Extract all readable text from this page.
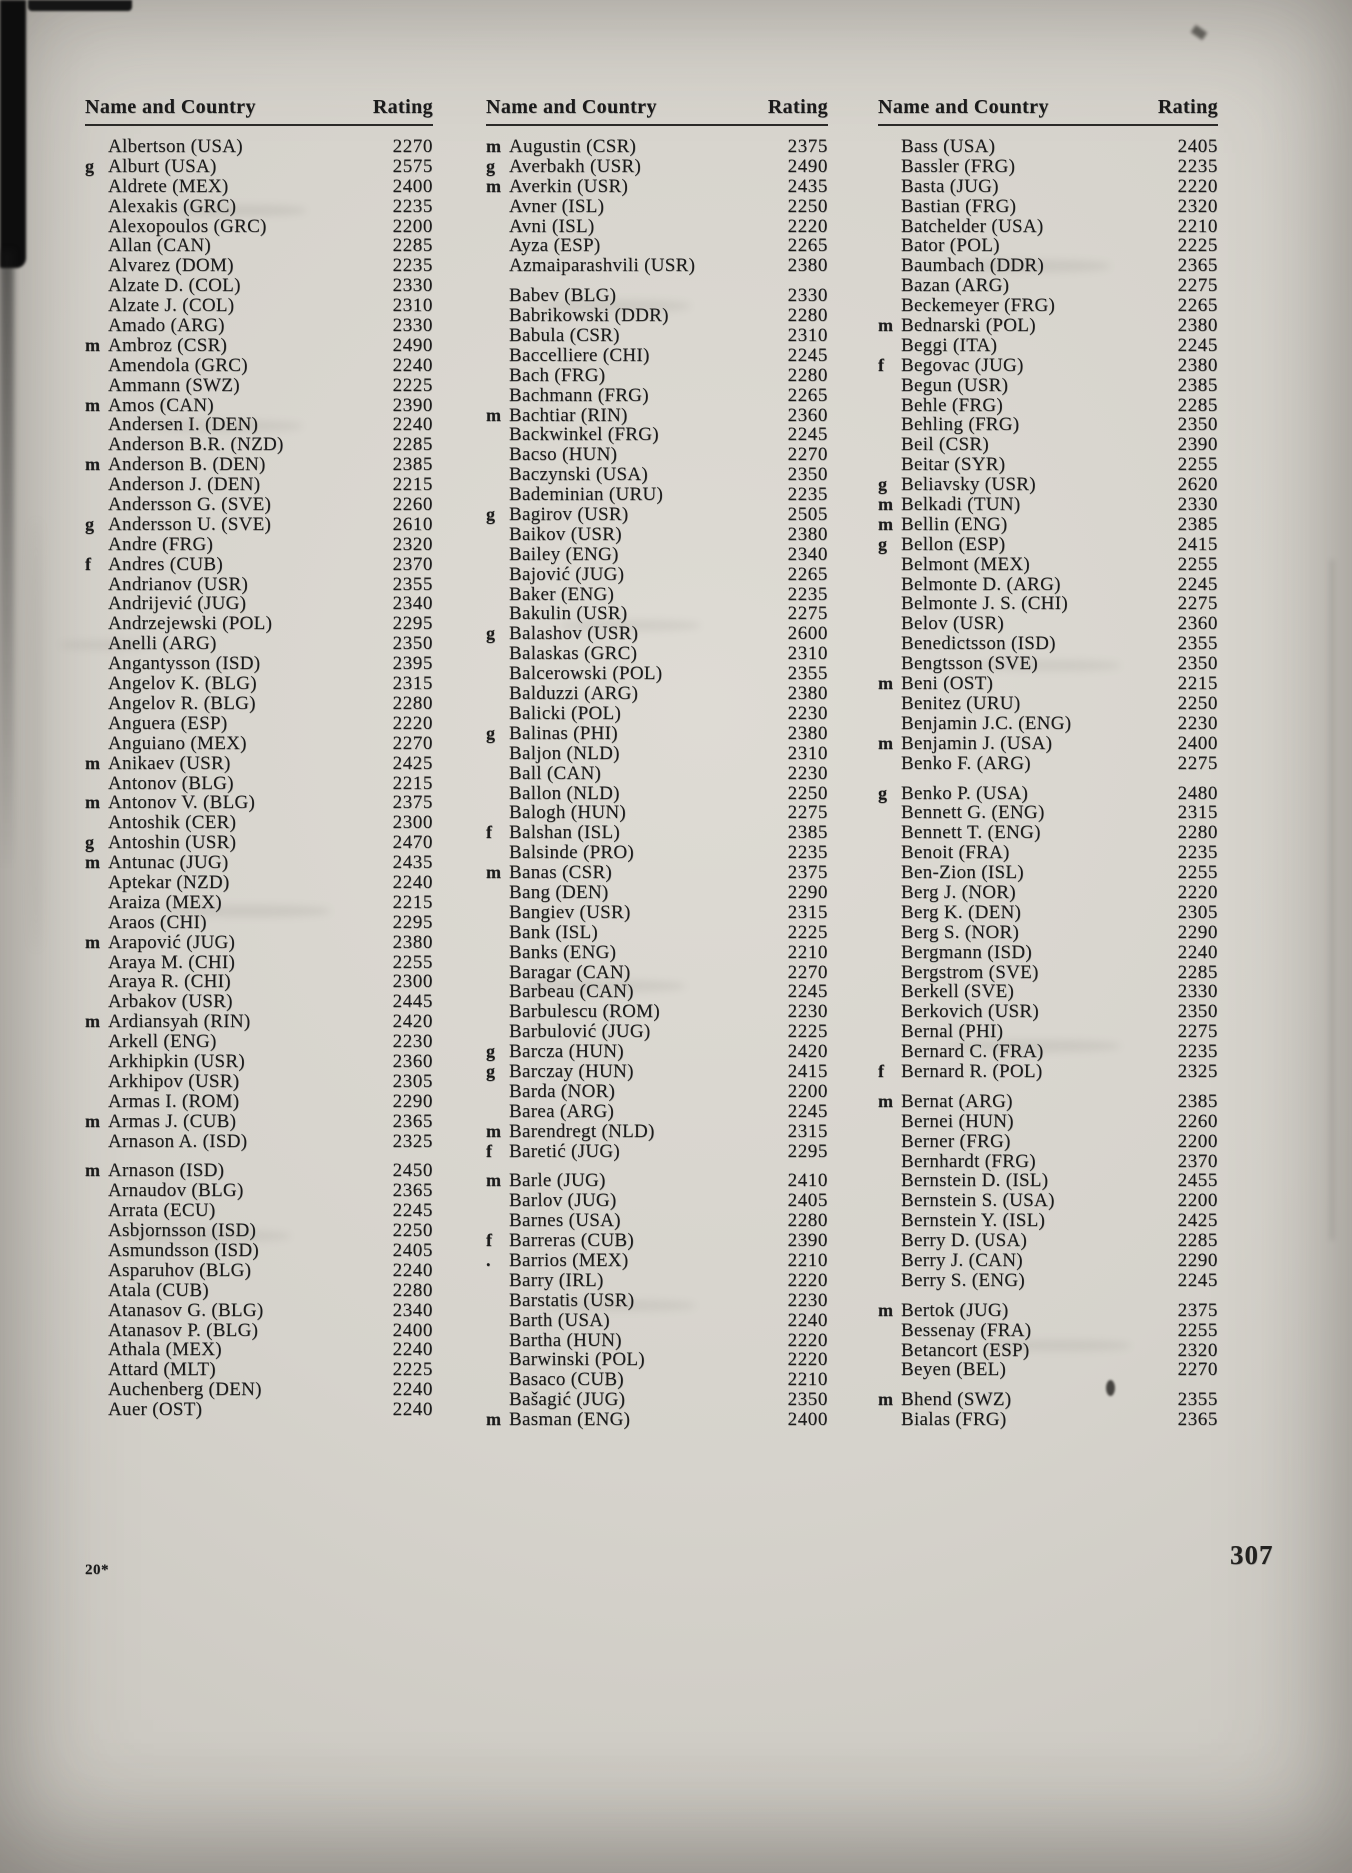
Name and Country	Rating
Albertson (USA)	2270
g Alburt (USA)	2575
Aldrete (MEX)	2400
Alexakis (GRC)	2235
Alexopoulos (GRC)	2200
Allan (CAN)	2285
Alvarez (DOM)	2235
Alzate D. (COL)	2330
Alzate J. (COL)	2310
Amado (ARG)	2330
m Ambroz (CSR)	2490
Amendola (GRC)	2240
Ammann (SWZ)	2225
m Amos (CAN)	2390
Andersen I. (DEN)	2240
Anderson B.R. (NZD)	2285
m Anderson B. (DEN)	2385
Anderson J. (DEN)	2215
Andersson G. (SVE)	2260
g Andersson U. (SVE)	2610
Andre (FRG)	2320
f Andres (CUB)	2370
Andrianov (USR)	2355
Andrijević (JUG)	2340
Andrzejewski (POL)	2295
Anelli (ARG)	2350
Angantysson (ISD)	2395
Angelov K. (BLG)	2315
Angelov R. (BLG)	2280
Anguera (ESP)	2220
Anguiano (MEX)	2270
m Anikaev (USR)	2425
Antonov (BLG)	2215
m Antonov V. (BLG)	2375
Antoshik (CER)	2300
g Antoshin (USR)	2470
m Antunac (JUG)	2435
Aptekar (NZD)	2240
Araiza (MEX)	2215
Araos (CHI)	2295
m Arapović (JUG)	2380
Araya M. (CHI)	2255
Araya R. (CHI)	2300
Arbakov (USR)	2445
m Ardiansyah (RIN)	2420
Arkell (ENG)	2230
Arkhipkin (USR)	2360
Arkhipov (USR)	2305
Armas I. (ROM)	2290
m Armas J. (CUB)	2365
Arnason A. (ISD)	2325
m Arnason (ISD)	2450
Arnaudov (BLG)	2365
Arrata (ECU)	2245
Asbjornsson (ISD)	2250
Asmundsson (ISD)	2405
Asparuhov (BLG)	2240
Atala (CUB)	2280
Atanasov G. (BLG)	2340
Atanasov P. (BLG)	2400
Athala (MEX)	2240
Attard (MLT)	2225
Auchenberg (DEN)	2240
Auer (OST)	2240
Name and Country	Rating
m Augustin (CSR)	2375
g Averbakh (USR)	2490
m Averkin (USR)	2435
Avner (ISL)	2250
Avni (ISL)	2220
Ayza (ESP)	2265
Azmaiparashvili (USR)	2380
Babev (BLG)	2330
Babrikowski (DDR)	2280
Babula (CSR)	2310
Baccelliere (CHI)	2245
Bach (FRG)	2280
Bachmann (FRG)	2265
m Bachtiar (RIN)	2360
Backwinkel (FRG)	2245
Bacso (HUN)	2270
Baczynski (USA)	2350
Bademinian (URU)	2235
g Bagirov (USR)	2505
Baikov (USR)	2380
Bailey (ENG)	2340
Bajović (JUG)	2265
Baker (ENG)	2235
Bakulin (USR)	2275
g Balashov (USR)	2600
Balaskas (GRC)	2310
Balcerowski (POL)	2355
Balduzzi (ARG)	2380
Balicki (POL)	2230
g Balinas (PHI)	2380
Baljon (NLD)	2310
Ball (CAN)	2230
Ballon (NLD)	2250
Balogh (HUN)	2275
f Balshan (ISL)	2385
Balsinde (PRO)	2235
m Banas (CSR)	2375
Bang (DEN)	2290
Bangiev (USR)	2315
Bank (ISL)	2225
Banks (ENG)	2210
Baragar (CAN)	2270
Barbeau (CAN)	2245
Barbulescu (ROM)	2230
Barbulović (JUG)	2225
g Barcza (HUN)	2420
g Barczay (HUN)	2415
Barda (NOR)	2200
Barea (ARG)	2245
m Barendregt (NLD)	2315
f Baretić (JUG)	2295
m Barle (JUG)	2410
Barlov (JUG)	2405
Barnes (USA)	2280
f Barreras (CUB)	2390
. Barrios (MEX)	2210
Barry (IRL)	2220
Barstatis (USR)	2230
Barth (USA)	2240
Bartha (HUN)	2220
Barwinski (POL)	2220
Basaco (CUB)	2210
Bašagić (JUG)	2350
m Basman (ENG)	2400
Name and Country	Rating
Bass (USA)	2405
Bassler (FRG)	2235
Basta (JUG)	2220
Bastian (FRG)	2320
Batchelder (USA)	2210
Bator (POL)	2225
Baumbach (DDR)	2365
Bazan (ARG)	2275
Beckemeyer (FRG)	2265
m Bednarski (POL)	2380
Beggi (ITA)	2245
f Begovac (JUG)	2380
Begun (USR)	2385
Behle (FRG)	2285
Behling (FRG)	2350
Beil (CSR)	2390
Beitar (SYR)	2255
g Beliavsky (USR)	2620
m Belkadi (TUN)	2330
m Bellin (ENG)	2385
g Bellon (ESP)	2415
Belmont (MEX)	2255
Belmonte D. (ARG)	2245
Belmonte J. S. (CHI)	2275
Belov (USR)	2360
Benedictsson (ISD)	2355
Bengtsson (SVE)	2350
m Beni (OST)	2215
Benitez (URU)	2250
Benjamin J.C. (ENG)	2230
m Benjamin J. (USA)	2400
Benko F. (ARG)	2275
g Benko P. (USA)	2480
Bennett G. (ENG)	2315
Bennett T. (ENG)	2280
Benoit (FRA)	2235
Ben-Zion (ISL)	2255
Berg J. (NOR)	2220
Berg K. (DEN)	2305
Berg S. (NOR)	2290
Bergmann (ISD)	2240
Bergstrom (SVE)	2285
Berkell (SVE)	2330
Berkovich (USR)	2350
Bernal (PHI)	2275
Bernard C. (FRA)	2235
f Bernard R. (POL)	2325
m Bernat (ARG)	2385
Bernei (HUN)	2260
Berner (FRG)	2200
Bernhardt (FRG)	2370
Bernstein D. (ISL)	2455
Bernstein S. (USA)	2200
Bernstein Y. (ISL)	2425
Berry D. (USA)	2285
Berry J. (CAN)	2290
Berry S. (ENG)	2245
m Bertok (JUG)	2375
Bessenay (FRA)	2255
Betancort (ESP)	2320
Beyen (BEL)	2270
m Bhend (SWZ)	2355
Bialas (FRG)	2365
20*	307
